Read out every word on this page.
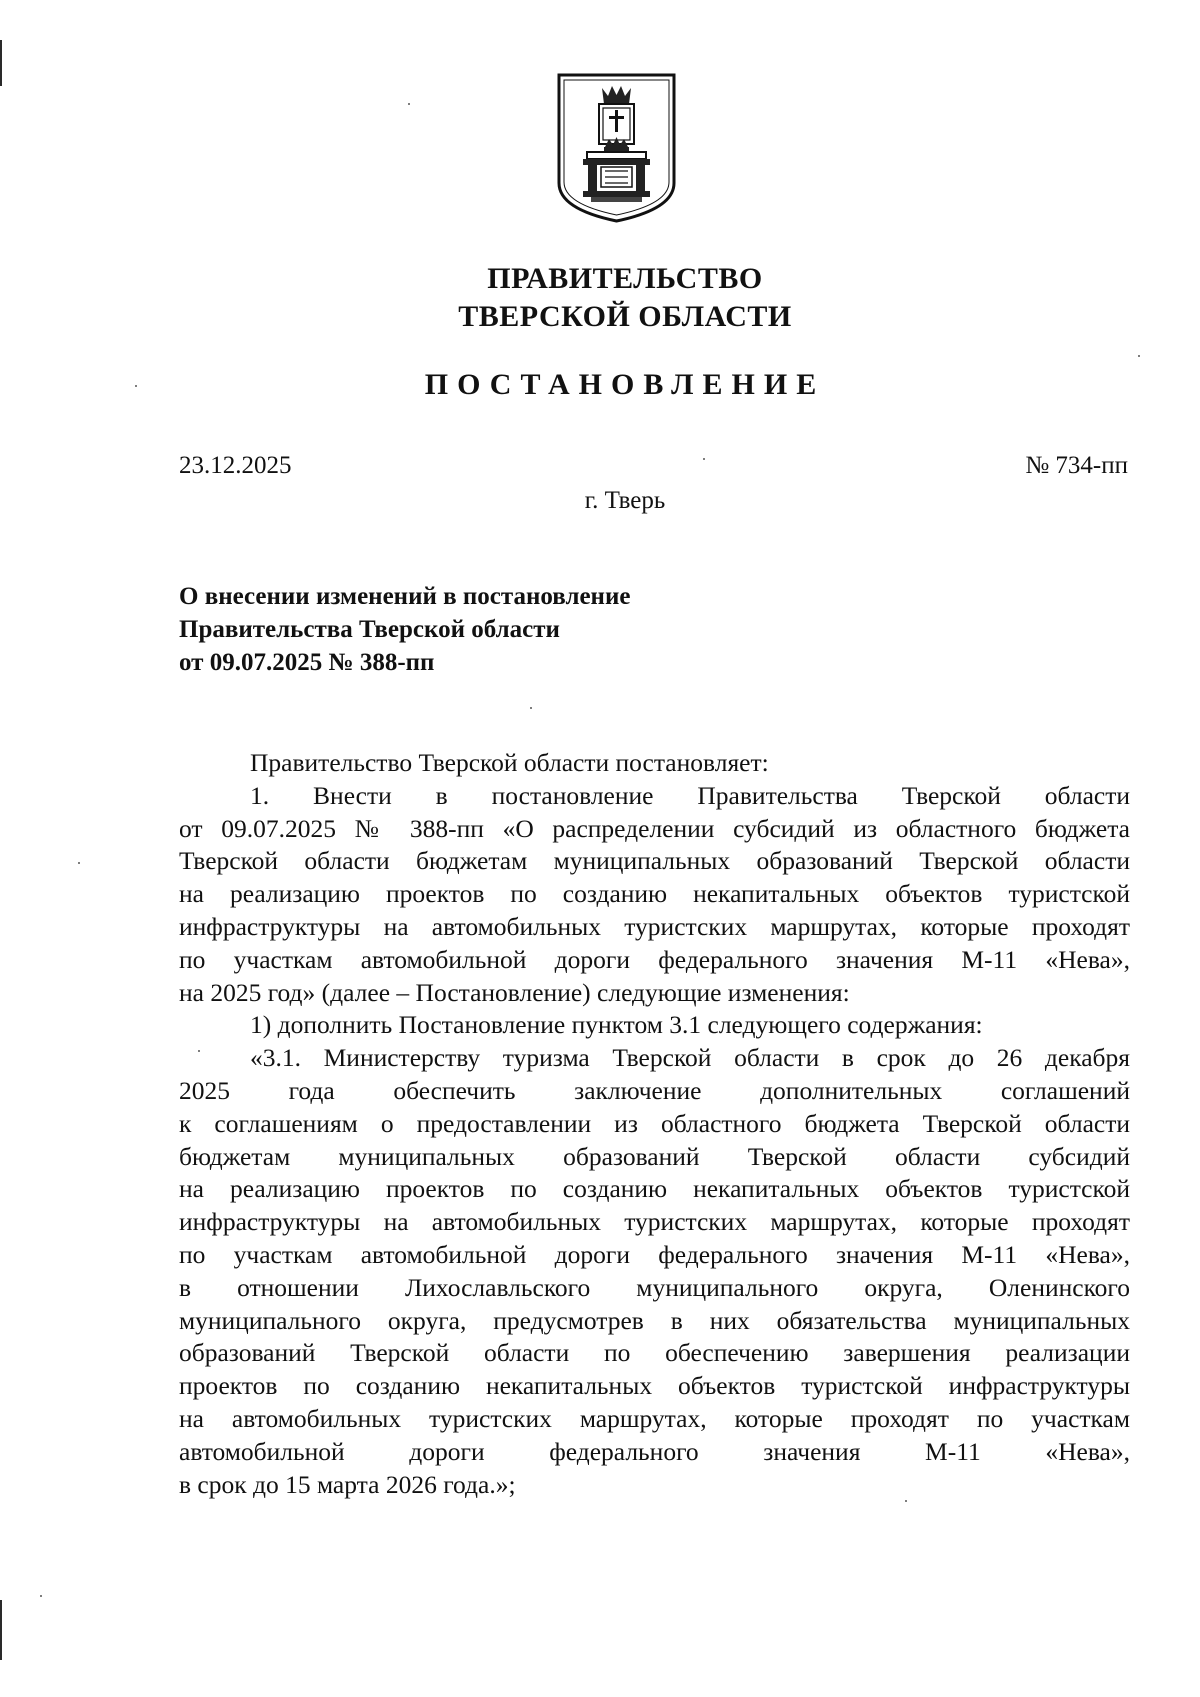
ПРАВИТЕЛЬСТВО
ТВЕРСКОЙ ОБЛАСТИ
ПОСТАНОВЛЕНИЕ
23.12.2025	№ 734-пп
г. Тверь
О внесении изменений в постановление
Правительства Тверской области
от 09.07.2025 № 388-пп
Правительство Тверской области постановляет:
1. Внести в постановление Правительства Тверской области
от 09.07.2025 № 388-пп «О распределении субсидий из областного бюджета
Тверской области бюджетам муниципальных образований Тверской области
на реализацию проектов по созданию некапитальных объектов туристской
инфраструктуры на автомобильных туристских маршрутах, которые проходят
по участкам автомобильной дороги федерального значения М-11 «Нева»,
на 2025 год» (далее – Постановление) следующие изменения:
1) дополнить Постановление пунктом 3.1 следующего содержания:
«3.1. Министерству туризма Тверской области в срок до 26 декабря
2025 года обеспечить заключение дополнительных соглашений
к соглашениям о предоставлении из областного бюджета Тверской области
бюджетам муниципальных образований Тверской области субсидий
на реализацию проектов по созданию некапитальных объектов туристской
инфраструктуры на автомобильных туристских маршрутах, которые проходят
по участкам автомобильной дороги федерального значения М-11 «Нева»,
в отношении Лихославльского муниципального округа, Оленинского
муниципального округа, предусмотрев в них обязательства муниципальных
образований Тверской области по обеспечению завершения реализации
проектов по созданию некапитальных объектов туристской инфраструктуры
на автомобильных туристских маршрутах, которые проходят по участкам
автомобильной дороги федерального значения М-11 «Нева»,
в срок до 15 марта 2026 года.»;
